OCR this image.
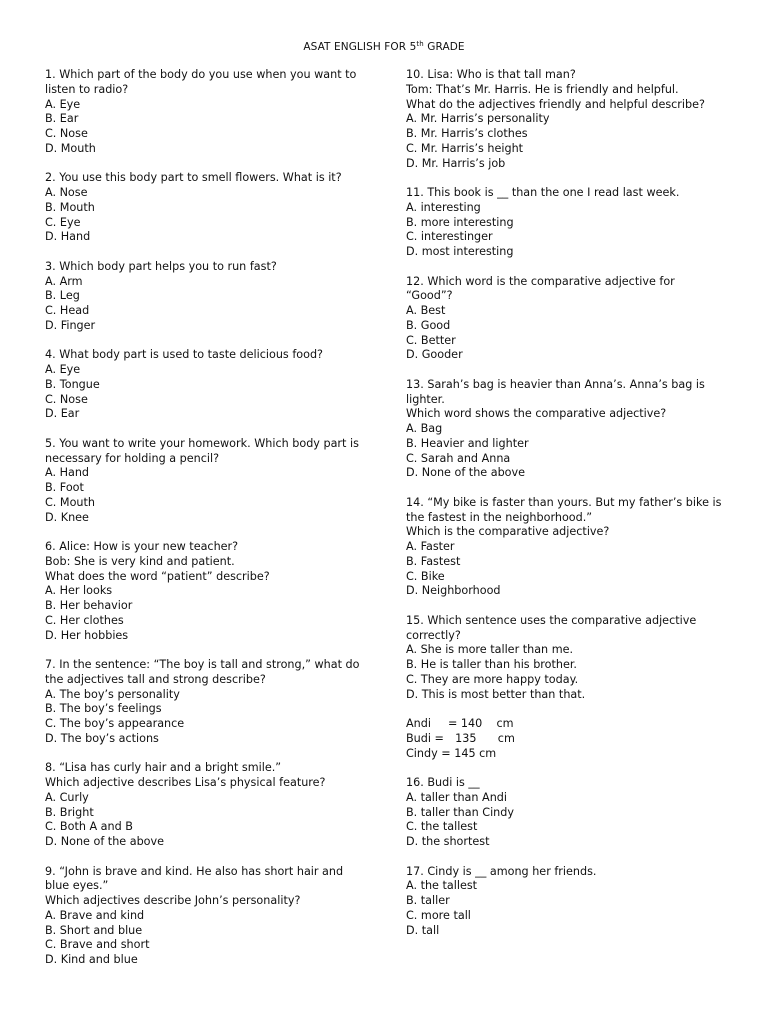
ASAT ENGLISH FOR 5th GRADE
1. Which part of the body do you use when you want to
listen to radio?
A. Eye
B. Ear
C. Nose
D. Mouth
2. You use this body part to smell flowers. What is it?
A. Nose
B. Mouth
C. Eye
D. Hand
3. Which body part helps you to run fast?
A. Arm
B. Leg
C. Head
D. Finger
4. What body part is used to taste delicious food?
A. Eye
B. Tongue
C. Nose
D. Ear
5. You want to write your homework. Which body part is
necessary for holding a pencil?
A. Hand
B. Foot
C. Mouth
D. Knee
6. Alice: How is your new teacher?
Bob: She is very kind and patient.
What does the word “patient” describe?
A. Her looks
B. Her behavior
C. Her clothes
D. Her hobbies
7. In the sentence: “The boy is tall and strong,” what do
the adjectives tall and strong describe?
A. The boy’s personality
B. The boy’s feelings
C. The boy’s appearance
D. The boy’s actions
8. “Lisa has curly hair and a bright smile.”
Which adjective describes Lisa’s physical feature?
A. Curly
B. Bright
C. Both A and B
D. None of the above
9. “John is brave and kind. He also has short hair and
blue eyes.”
Which adjectives describe John’s personality?
A. Brave and kind
B. Short and blue
C. Brave and short
D. Kind and blue
10. Lisa: Who is that tall man?
Tom: That’s Mr. Harris. He is friendly and helpful.
What do the adjectives friendly and helpful describe?
A. Mr. Harris’s personality
B. Mr. Harris’s clothes
C. Mr. Harris’s height
D. Mr. Harris’s job
11. This book is __ than the one I read last week.
A. interesting
B. more interesting
C. interestinger
D. most interesting
12. Which word is the comparative adjective for
“Good”?
A. Best
B. Good
C. Better
D. Gooder
13. Sarah’s bag is heavier than Anna’s. Anna’s bag is
lighter.
Which word shows the comparative adjective?
A. Bag
B. Heavier and lighter
C. Sarah and Anna
D. None of the above
14. “My bike is faster than yours. But my father’s bike is
the fastest in the neighborhood.”
Which is the comparative adjective?
A. Faster
B. Fastest
C. Bike
D. Neighborhood
15. Which sentence uses the comparative adjective
correctly?
A. She is more taller than me.
B. He is taller than his brother.
C. They are more happy today.
D. This is most better than that.
Andi	= 140    cm
Budi = 135      cm
Cindy = 145 cm
16. Budi is __
A. taller than Andi
B. taller than Cindy
C. the tallest
D. the shortest
17. Cindy is __ among her friends.
A. the tallest
B. taller
C. more tall
D. tall
